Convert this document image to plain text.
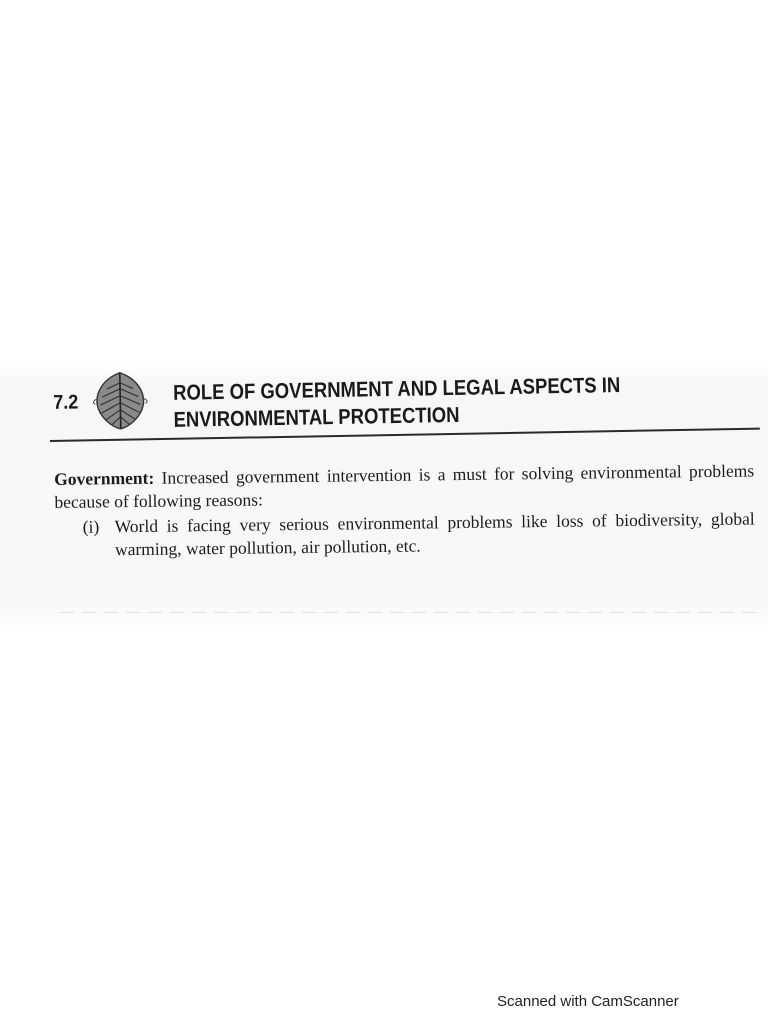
7.2	ROLE OF GOVERNMENT AND LEGAL ASPECTS IN
ENVIRONMENTAL PROTECTION

Government: Increased government intervention is a must for solving environmental problems because of following reasons:

(i) World is facing very serious environmental problems like loss of biodiversity, global warming, water pollution, air pollution, etc.
Scanned with CamScanner
